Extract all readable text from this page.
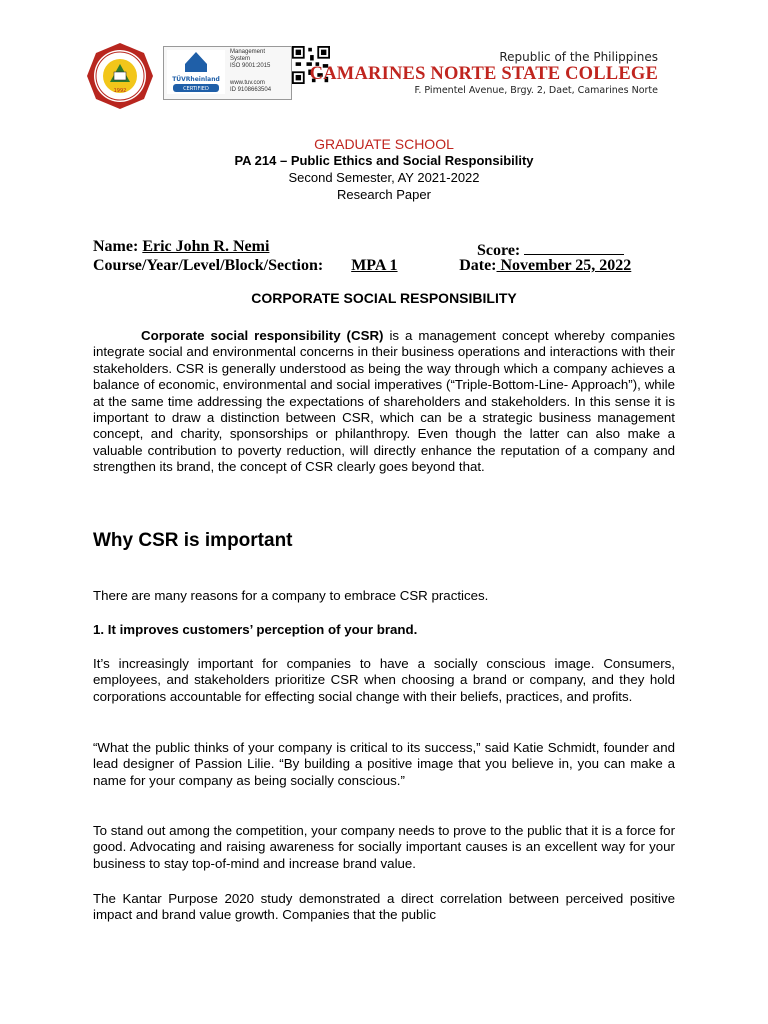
1992
TÜVRheinland
CERTIFIED
Management
System
ISO 9001:2015
www.tuv.com
ID 9108663504
Republic of the Philippines
CAMARINES NORTE STATE COLLEGE
F. Pimentel Avenue, Brgy. 2, Daet, Camarines Norte
GRADUATE SCHOOL
PA 214 – Public Ethics and Social Responsibility
Second Semester, AY 2021-2022
Research Paper
Name: Eric John R. Nemi	Score:
Course/Year/Level/Block/Section: MPA 1	Date: November 25, 2022
CORPORATE SOCIAL RESPONSIBILITY

Corporate social responsibility (CSR) is a management concept whereby companies integrate social and environmental concerns in their business operations and interactions with their stakeholders. CSR is generally understood as being the way through which a company achieves a balance of economic, environmental and social imperatives (“Triple-Bottom-Line- Approach”), while at the same time addressing the expectations of shareholders and stakeholders. In this sense it is important to draw a distinction between CSR, which can be a strategic business management concept, and charity, sponsorships or philanthropy. Even though the latter can also make a valuable contribution to poverty reduction, will directly enhance the reputation of a company and strengthen its brand, the concept of CSR clearly goes beyond that.

Why CSR is important

There are many reasons for a company to embrace CSR practices.

1. It improves customers’ perception of your brand.

It’s increasingly important for companies to have a socially conscious image. Consumers, employees, and stakeholders prioritize CSR when choosing a brand or company, and they hold corporations accountable for effecting social change with their beliefs, practices, and profits.

“What the public thinks of your company is critical to its success,” said Katie Schmidt, founder and lead designer of Passion Lilie. “By building a positive image that you believe in, you can make a name for your company as being socially conscious.”

To stand out among the competition, your company needs to prove to the public that it is a force for good. Advocating and raising awareness for socially important causes is an excellent way for your business to stay top-of-mind and increase brand value.

The Kantar Purpose 2020 study demonstrated a direct correlation between perceived positive impact and brand value growth. Companies that the public
